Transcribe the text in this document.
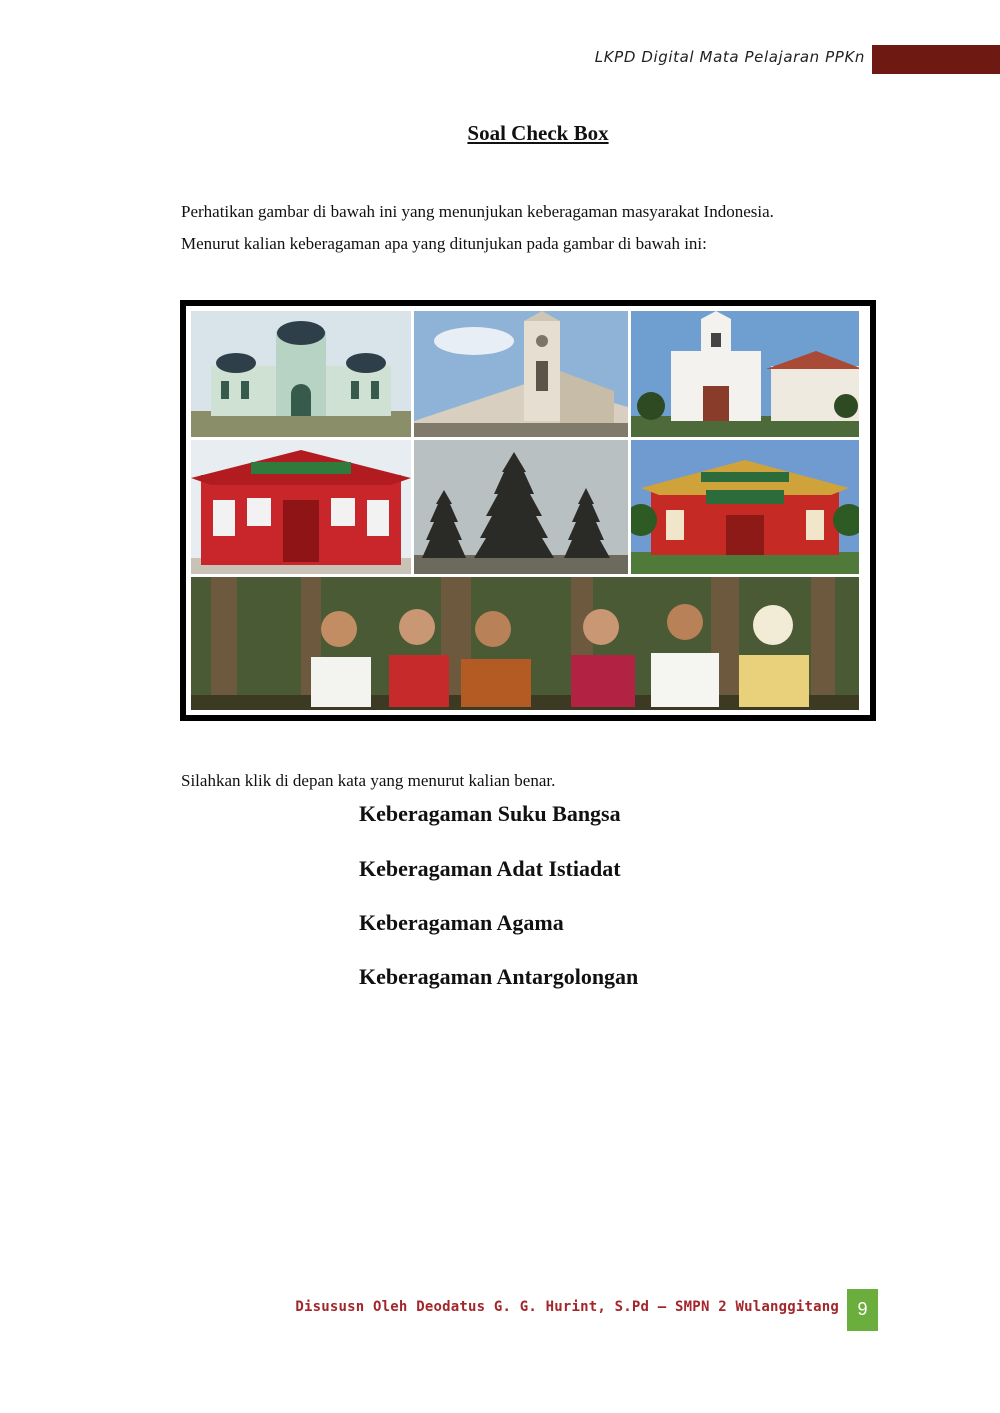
LKPD Digital Mata Pelajaran PPKn
Soal Check Box
Perhatikan gambar di bawah ini yang menunjukan keberagaman masyarakat Indonesia.
Menurut kalian keberagaman apa yang ditunjukan pada gambar di bawah ini:
Silahkan klik di depan kata yang menurut kalian benar.
Keberagaman Suku Bangsa
Keberagaman Adat Istiadat
Keberagaman Agama
Keberagaman Antargolongan
Disususn Oleh Deodatus G. G. Hurint, S.Pd – SMPN 2 Wulanggitang	9
